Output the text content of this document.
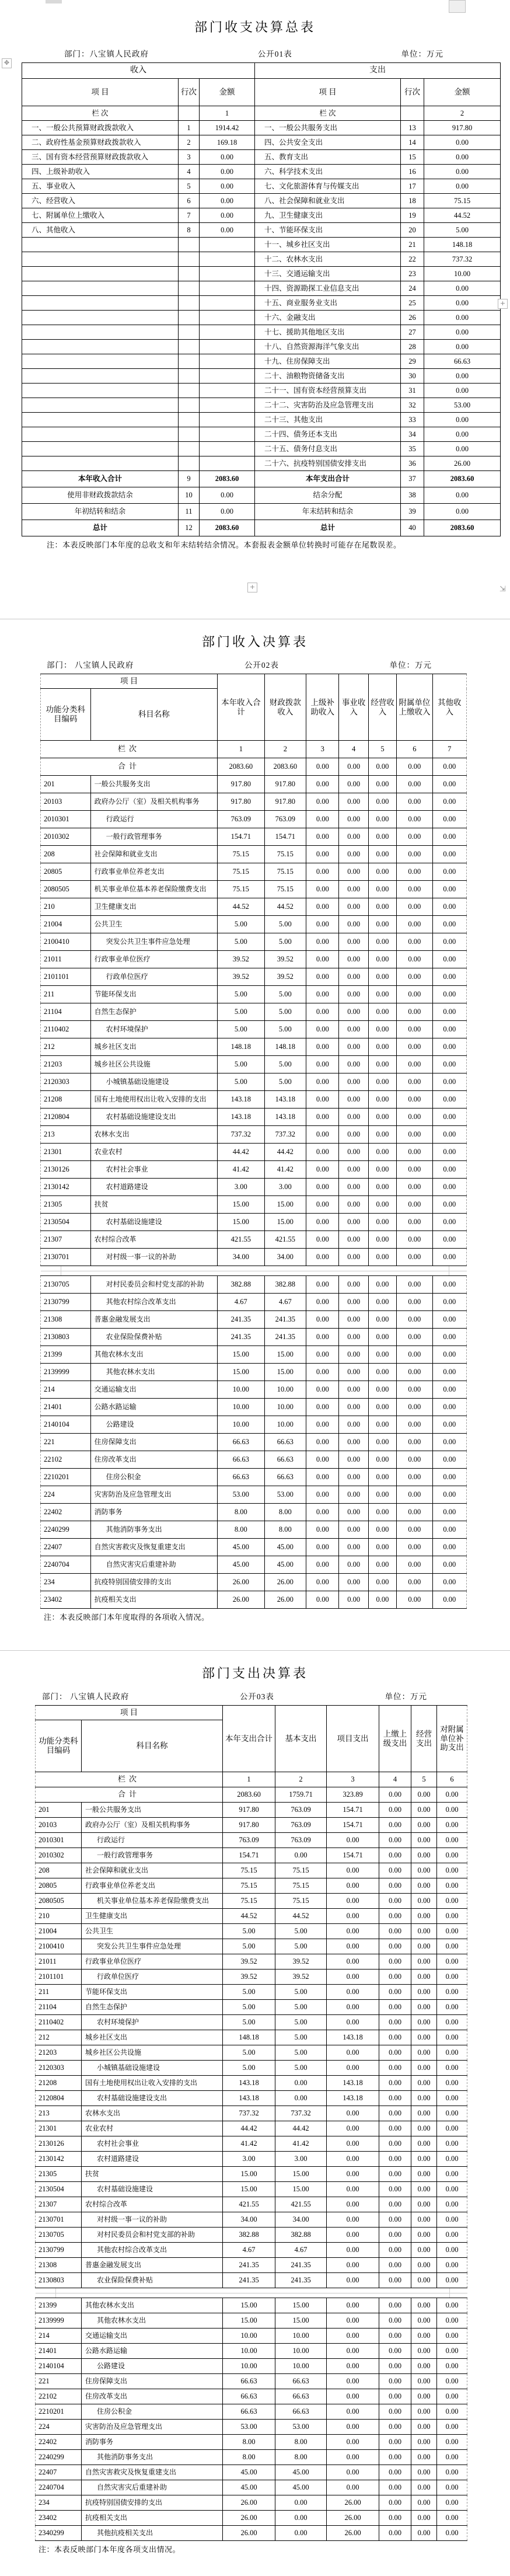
✥
+
+	⇲
部门收支决算总表
部门：八宝镇人民政府	公开01表	单位：万元
收入			支出		
项 目	行次	金额	项 目	行次	金额
栏 次		1	栏 次		2
一、一般公共预算财政拨款收入	1	1914.42	一、一般公共服务支出	13	917.80
二、政府性基金预算财政拨款收入	2	169.18	四、公共安全支出	14	0.00
三、国有资本经营预算财政拨款收入	3	0.00	五、教育支出	15	0.00
四、上级补助收入	4	0.00	六、科学技术支出	16	0.00
五、事业收入	5	0.00	七、文化旅游体育与传媒支出	17	0.00
六、经营收入	6	0.00	八、社会保障和就业支出	18	75.15
七、附属单位上缴收入	7	0.00	九、卫生健康支出	19	44.52
八、其他收入	8	0.00	十、节能环保支出	20	5.00
			十一、城乡社区支出	21	148.18
			十二、农林水支出	22	737.32
			十三、交通运输支出	23	10.00
			十四、资源勘探工业信息支出	24	0.00
			十五、商业服务业支出	25	0.00
			十六、金融支出	26	0.00
			十七、援助其他地区支出	27	0.00
			十八、自然资源海洋气象支出	28	0.00
			十九、住房保障支出	29	66.63
			二十、油粮物资储备支出	30	0.00
			二十一、国有资本经营预算支出	31	0.00
			二十二、灾害防治及应急管理支出	32	53.00
			二十三、其他支出	33	0.00
			二十四、债务还本支出	34	0.00
			二十五、债务付息支出	35	0.00
			二十六、抗疫特别国债安排支出	36	26.00
本年收入合计	9	2083.60	本年支出合计	37	2083.60
使用非财政拨款结余	10	0.00	结余分配	38	0.00
年初结转和结余	11	0.00	年末结转和结余	39	0.00
总计	12	2083.60	总计	40	2083.60
注：本表反映部门本年度的总收支和年末结转结余情况。本套报表金额单位转换时可能存在尾数误差。
部门收入决算表
部门： 八宝镇人民政府	公开02表	单位：万元
项 目		本年收入合计	财政拨款收入	上级补助收入	事业收入	经营收入	附属单位上缴收入	其他收入
功能分类科目编码	科目名称							
栏次		1	2	3	4	5	6	7
合计		2083.60	2083.60	0.00	0.00	0.00	0.00	0.00
201	一般公共服务支出	917.80	917.80	0.00	0.00	0.00	0.00	0.00
20103	政府办公厅（室）及相关机构事务	917.80	917.80	0.00	0.00	0.00	0.00	0.00
2010301	行政运行	763.09	763.09	0.00	0.00	0.00	0.00	0.00
2010302	一般行政管理事务	154.71	154.71	0.00	0.00	0.00	0.00	0.00
208	社会保障和就业支出	75.15	75.15	0.00	0.00	0.00	0.00	0.00
20805	行政事业单位养老支出	75.15	75.15	0.00	0.00	0.00	0.00	0.00
2080505	机关事业单位基本养老保险缴费支出	75.15	75.15	0.00	0.00	0.00	0.00	0.00
210	卫生健康支出	44.52	44.52	0.00	0.00	0.00	0.00	0.00
21004	公共卫生	5.00	5.00	0.00	0.00	0.00	0.00	0.00
2100410	突发公共卫生事件应急处理	5.00	5.00	0.00	0.00	0.00	0.00	0.00
21011	行政事业单位医疗	39.52	39.52	0.00	0.00	0.00	0.00	0.00
2101101	行政单位医疗	39.52	39.52	0.00	0.00	0.00	0.00	0.00
211	节能环保支出	5.00	5.00	0.00	0.00	0.00	0.00	0.00
21104	自然生态保护	5.00	5.00	0.00	0.00	0.00	0.00	0.00
2110402	农村环境保护	5.00	5.00	0.00	0.00	0.00	0.00	0.00
212	城乡社区支出	148.18	148.18	0.00	0.00	0.00	0.00	0.00
21203	城乡社区公共设施	5.00	5.00	0.00	0.00	0.00	0.00	0.00
2120303	小城镇基础设施建设	5.00	5.00	0.00	0.00	0.00	0.00	0.00
21208	国有土地使用权出让收入安排的支出	143.18	143.18	0.00	0.00	0.00	0.00	0.00
2120804	农村基础设施建设支出	143.18	143.18	0.00	0.00	0.00	0.00	0.00
213	农林水支出	737.32	737.32	0.00	0.00	0.00	0.00	0.00
21301	农业农村	44.42	44.42	0.00	0.00	0.00	0.00	0.00
2130126	农村社会事业	41.42	41.42	0.00	0.00	0.00	0.00	0.00
2130142	农村道路建设	3.00	3.00	0.00	0.00	0.00	0.00	0.00
21305	扶贫	15.00	15.00	0.00	0.00	0.00	0.00	0.00
2130504	农村基础设施建设	15.00	15.00	0.00	0.00	0.00	0.00	0.00
21307	农村综合改革	421.55	421.55	0.00	0.00	0.00	0.00	0.00
2130701	对村级一事一议的补助	34.00	34.00	0.00	0.00	0.00	0.00	0.00

2130705	对村民委员会和村党支部的补助	382.88	382.88	0.00	0.00	0.00	0.00	0.00
2130799	其他农村综合改革支出	4.67	4.67	0.00	0.00	0.00	0.00	0.00
21308	普惠金融发展支出	241.35	241.35	0.00	0.00	0.00	0.00	0.00
2130803	农业保险保费补贴	241.35	241.35	0.00	0.00	0.00	0.00	0.00
21399	其他农林水支出	15.00	15.00	0.00	0.00	0.00	0.00	0.00
2139999	其他农林水支出	15.00	15.00	0.00	0.00	0.00	0.00	0.00
214	交通运输支出	10.00	10.00	0.00	0.00	0.00	0.00	0.00
21401	公路水路运输	10.00	10.00	0.00	0.00	0.00	0.00	0.00
2140104	公路建设	10.00	10.00	0.00	0.00	0.00	0.00	0.00
221	住房保障支出	66.63	66.63	0.00	0.00	0.00	0.00	0.00
22102	住房改革支出	66.63	66.63	0.00	0.00	0.00	0.00	0.00
2210201	住房公积金	66.63	66.63	0.00	0.00	0.00	0.00	0.00
224	灾害防治及应急管理支出	53.00	53.00	0.00	0.00	0.00	0.00	0.00
22402	消防事务	8.00	8.00	0.00	0.00	0.00	0.00	0.00
2240299	其他消防事务支出	8.00	8.00	0.00	0.00	0.00	0.00	0.00
22407	自然灾害救灾及恢复重建支出	45.00	45.00	0.00	0.00	0.00	0.00	0.00
2240704	自然灾害灾后重建补助	45.00	45.00	0.00	0.00	0.00	0.00	0.00
234	抗疫特别国债安排的支出	26.00	26.00	0.00	0.00	0.00	0.00	0.00
23402	抗疫相关支出	26.00	26.00	0.00	0.00	0.00	0.00	0.00
注：本表反映部门本年度取得的各项收入情况。
部门支出决算表
部门： 八宝镇人民政府	公开03表	单位：万元
项 目		本年支出合计	基本支出	项目支出	上缴上级支出	经营支出	对附属单位补助支出
功能分类科目编码	科目名称						
栏次		1	2	3	4	5	6
合计		2083.60	1759.71	323.89	0.00	0.00	0.00
201	一般公共服务支出	917.80	763.09	154.71	0.00	0.00	0.00
20103	政府办公厅（室）及相关机构事务	917.80	763.09	154.71	0.00	0.00	0.00
2010301	行政运行	763.09	763.09	0.00	0.00	0.00	0.00
2010302	一般行政管理事务	154.71	0.00	154.71	0.00	0.00	0.00
208	社会保障和就业支出	75.15	75.15	0.00	0.00	0.00	0.00
20805	行政事业单位养老支出	75.15	75.15	0.00	0.00	0.00	0.00
2080505	机关事业单位基本养老保险缴费支出	75.15	75.15	0.00	0.00	0.00	0.00
210	卫生健康支出	44.52	44.52	0.00	0.00	0.00	0.00
21004	公共卫生	5.00	5.00	0.00	0.00	0.00	0.00
2100410	突发公共卫生事件应急处理	5.00	5.00	0.00	0.00	0.00	0.00
21011	行政事业单位医疗	39.52	39.52	0.00	0.00	0.00	0.00
2101101	行政单位医疗	39.52	39.52	0.00	0.00	0.00	0.00
211	节能环保支出	5.00	5.00	0.00	0.00	0.00	0.00
21104	自然生态保护	5.00	5.00	0.00	0.00	0.00	0.00
2110402	农村环境保护	5.00	5.00	0.00	0.00	0.00	0.00
212	城乡社区支出	148.18	5.00	143.18	0.00	0.00	0.00
21203	城乡社区公共设施	5.00	5.00	0.00	0.00	0.00	0.00
2120303	小城镇基础设施建设	5.00	5.00	0.00	0.00	0.00	0.00
21208	国有土地使用权出让收入安排的支出	143.18	0.00	143.18	0.00	0.00	0.00
2120804	农村基础设施建设支出	143.18	0.00	143.18	0.00	0.00	0.00
213	农林水支出	737.32	737.32	0.00	0.00	0.00	0.00
21301	农业农村	44.42	44.42	0.00	0.00	0.00	0.00
2130126	农村社会事业	41.42	41.42	0.00	0.00	0.00	0.00
2130142	农村道路建设	3.00	3.00	0.00	0.00	0.00	0.00
21305	扶贫	15.00	15.00	0.00	0.00	0.00	0.00
2130504	农村基础设施建设	15.00	15.00	0.00	0.00	0.00	0.00
21307	农村综合改革	421.55	421.55	0.00	0.00	0.00	0.00
2130701	对村级一事一议的补助	34.00	34.00	0.00	0.00	0.00	0.00
2130705	对村民委员会和村党支部的补助	382.88	382.88	0.00	0.00	0.00	0.00
2130799	其他农村综合改革支出	4.67	4.67	0.00	0.00	0.00	0.00
21308	普惠金融发展支出	241.35	241.35	0.00	0.00	0.00	0.00
2130803	农业保险保费补贴	241.35	241.35	0.00	0.00	0.00	0.00

21399	其他农林水支出	15.00	15.00	0.00	0.00	0.00	0.00
2139999	其他农林水支出	15.00	15.00	0.00	0.00	0.00	0.00
214	交通运输支出	10.00	10.00	0.00	0.00	0.00	0.00
21401	公路水路运输	10.00	10.00	0.00	0.00	0.00	0.00
2140104	公路建设	10.00	10.00	0.00	0.00	0.00	0.00
221	住房保障支出	66.63	66.63	0.00	0.00	0.00	0.00
22102	住房改革支出	66.63	66.63	0.00	0.00	0.00	0.00
2210201	住房公积金	66.63	66.63	0.00	0.00	0.00	0.00
224	灾害防治及应急管理支出	53.00	53.00	0.00	0.00	0.00	0.00
22402	消防事务	8.00	8.00	0.00	0.00	0.00	0.00
2240299	其他消防事务支出	8.00	8.00	0.00	0.00	0.00	0.00
22407	自然灾害救灾及恢复重建支出	45.00	45.00	0.00	0.00	0.00	0.00
2240704	自然灾害灾后重建补助	45.00	45.00	0.00	0.00	0.00	0.00
234	抗疫特别国债安排的支出	26.00	0.00	26.00	0.00	0.00	0.00
23402	抗疫相关支出	26.00	0.00	26.00	0.00	0.00	0.00
2340299	其他抗疫相关支出	26.00	0.00	26.00	0.00	0.00	0.00
注：本表反映部门本年度各项支出情况。
